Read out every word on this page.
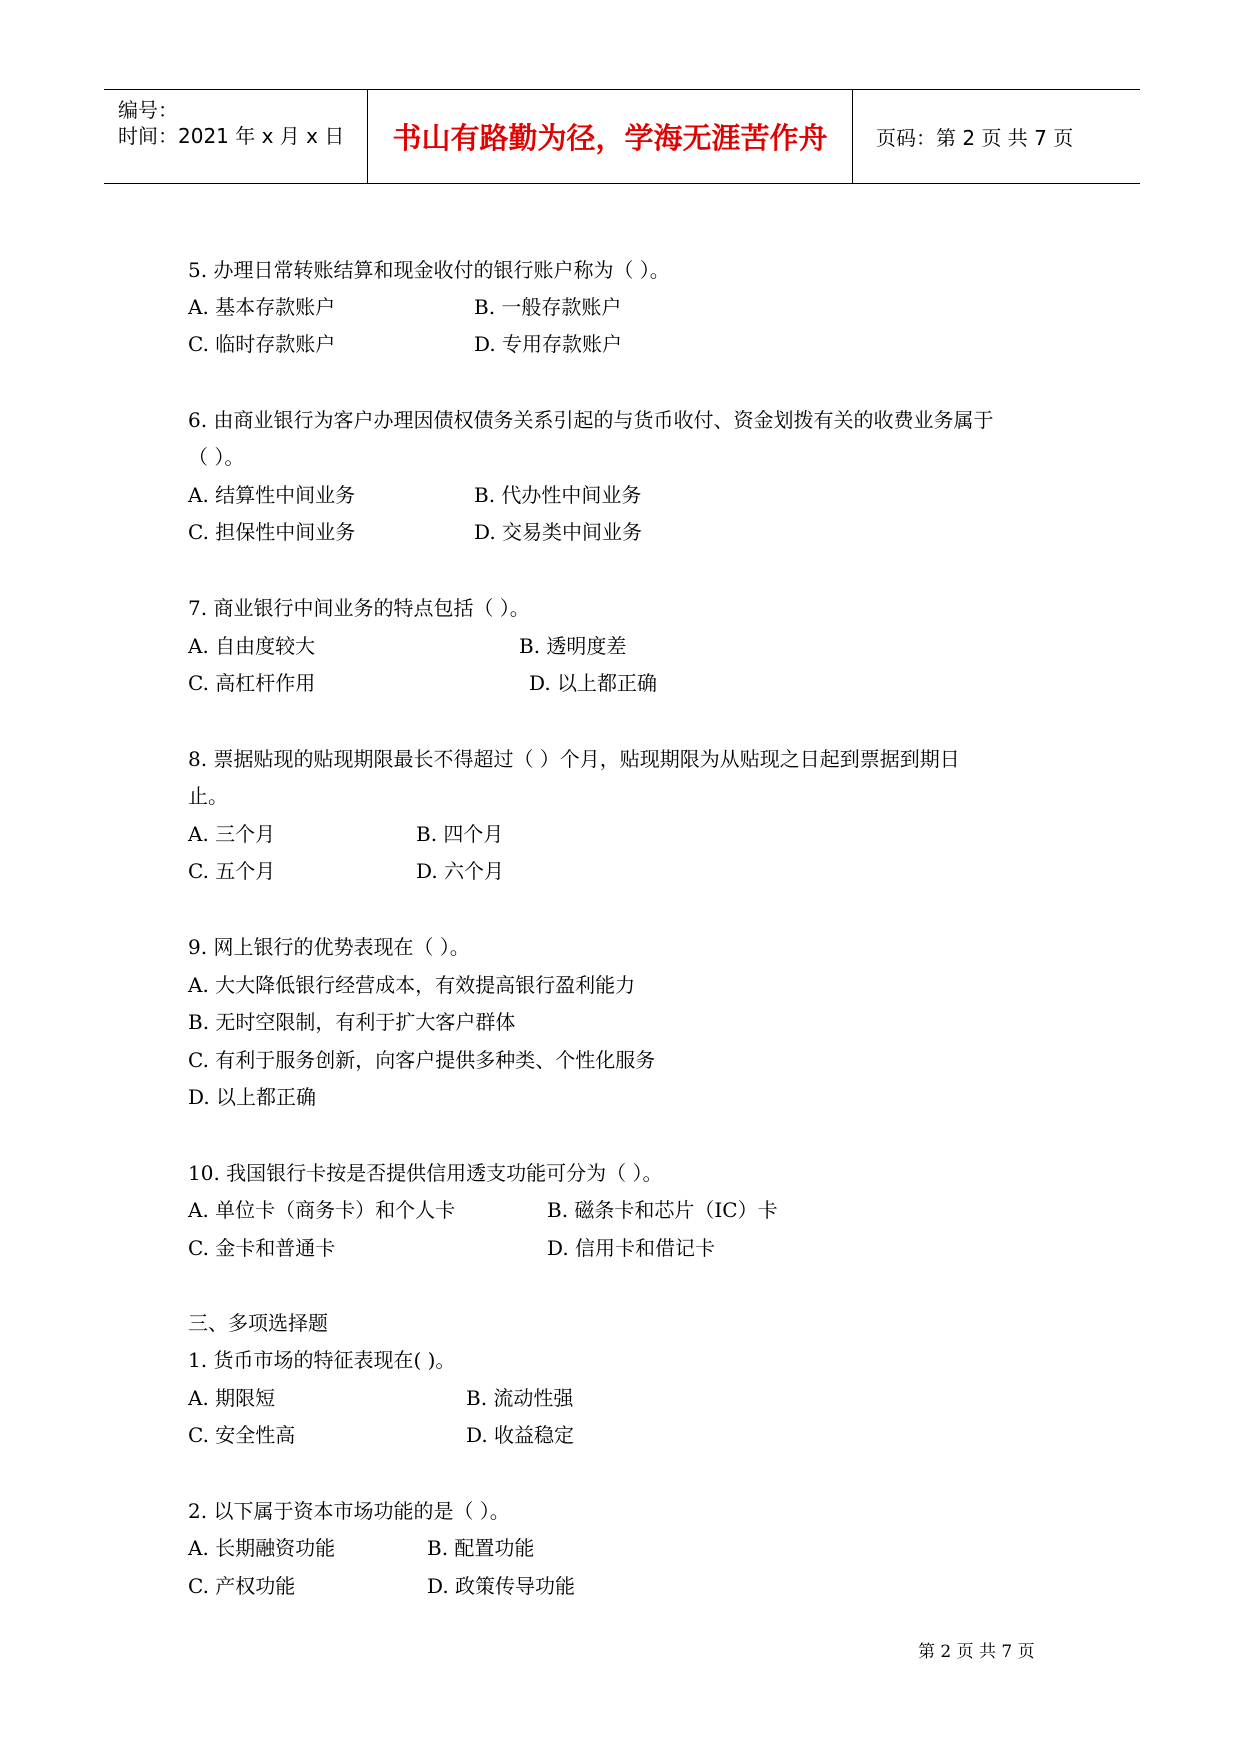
编号：
时间：2021 年 x 月 x 日	书山有路勤为径，学海无涯苦作舟	页码：第 2 页 共 7 页
5. 办理日常转账结算和现金收付的银行账户称为（ ）。
A. 基本存款账户	B. 一般存款账户
C. 临时存款账户	D. 专用存款账户
6. 由商业银行为客户办理因债权债务关系引起的与货币收付、资金划拨有关的收费业务属于
（ ）。
A. 结算性中间业务	B. 代办性中间业务
C. 担保性中间业务	D. 交易类中间业务
7. 商业银行中间业务的特点包括（ ）。
A. 自由度较大	B. 透明度差
C. 高杠杆作用	D. 以上都正确
8. 票据贴现的贴现期限最长不得超过（ ）个月，贴现期限为从贴现之日起到票据到期日
止。
A. 三个月	B. 四个月
C. 五个月	D. 六个月
9. 网上银行的优势表现在（ ）。
A. 大大降低银行经营成本，有效提高银行盈利能力
B. 无时空限制，有利于扩大客户群体
C. 有利于服务创新，向客户提供多种类、个性化服务
D. 以上都正确
10. 我国银行卡按是否提供信用透支功能可分为（ ）。
A. 单位卡（商务卡）和个人卡	B. 磁条卡和芯片（IC）卡
C. 金卡和普通卡	D. 信用卡和借记卡
三、多项选择题
1. 货币市场的特征表现在( )。
A. 期限短	B. 流动性强
C. 安全性高	D. 收益稳定
2. 以下属于资本市场功能的是（ ）。
A. 长期融资功能	B. 配置功能
C. 产权功能	D. 政策传导功能
第 2 页 共 7 页
